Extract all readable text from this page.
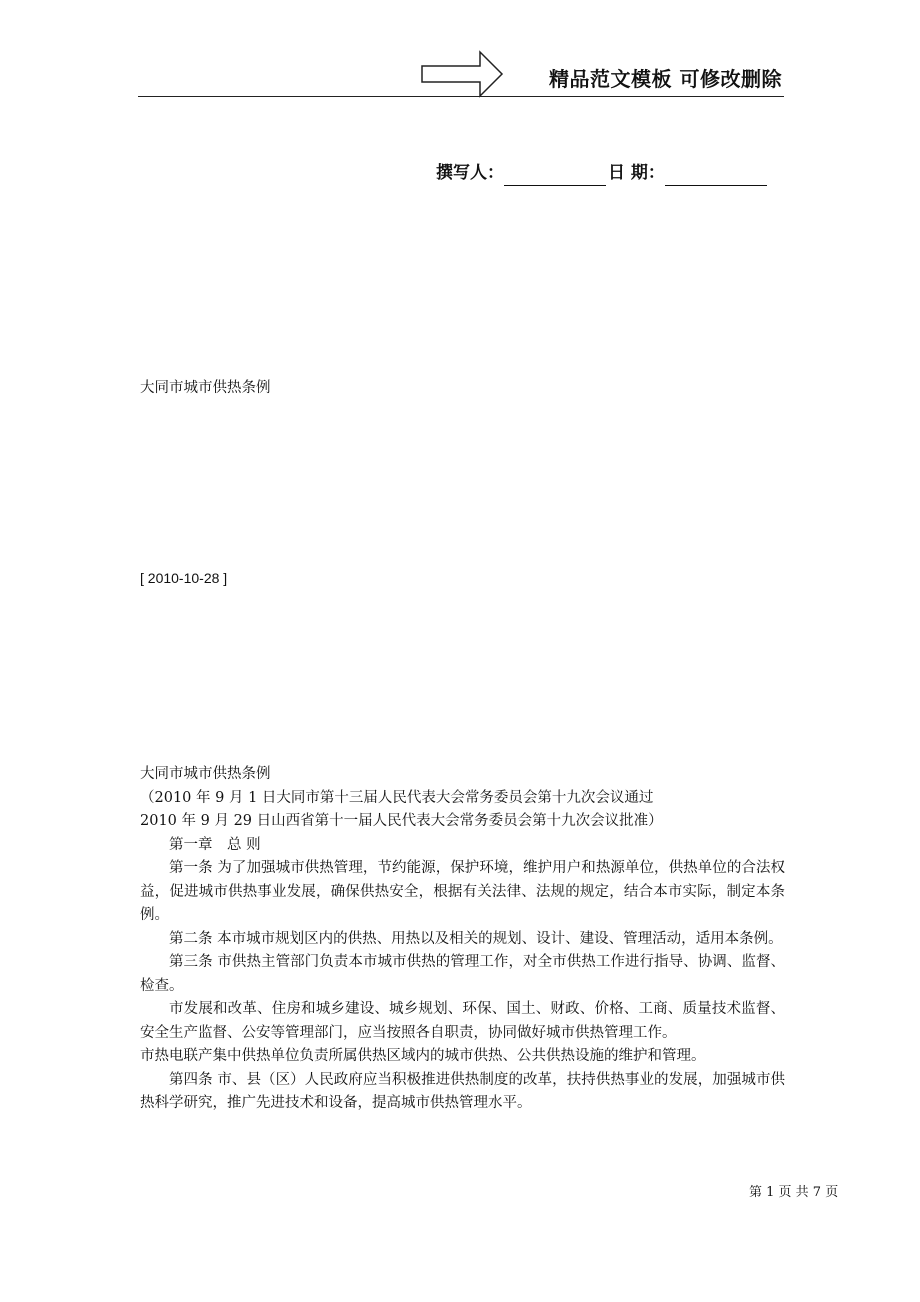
精品范文模板 可修改删除
撰写人：	日 期：
大同市城市供热条例
[ 2010-10-28 ]
大同市城市供热条例
（2010 年 9 月 1 日大同市第十三届人民代表大会常务委员会第十九次会议通过
2010 年 9 月 29 日山西省第十一届人民代表大会常务委员会第十九次会议批准）
第一章　总 则
第一条 为了加强城市供热管理，节约能源，保护环境，维护用户和热源单位，供热单位的合法权益，促进城市供热事业发展，确保供热安全，根据有关法律、法规的规定，结合本市实际，制定本条例。
第二条 本市城市规划区内的供热、用热以及相关的规划、设计、建设、管理活动，适用本条例。
第三条 市供热主管部门负责本市城市供热的管理工作，对全市供热工作进行指导、协调、监督、检查。
市发展和改革、住房和城乡建设、城乡规划、环保、国土、财政、价格、工商、质量技术监督、安全生产监督、公安等管理部门，应当按照各自职责，协同做好城市供热管理工作。
市热电联产集中供热单位负责所属供热区域内的城市供热、公共供热设施的维护和管理。
第四条 市、县（区）人民政府应当积极推进供热制度的改革，扶持供热事业的发展，加强城市供热科学研究，推广先进技术和设备，提高城市供热管理水平。
第 1 页 共 7 页
